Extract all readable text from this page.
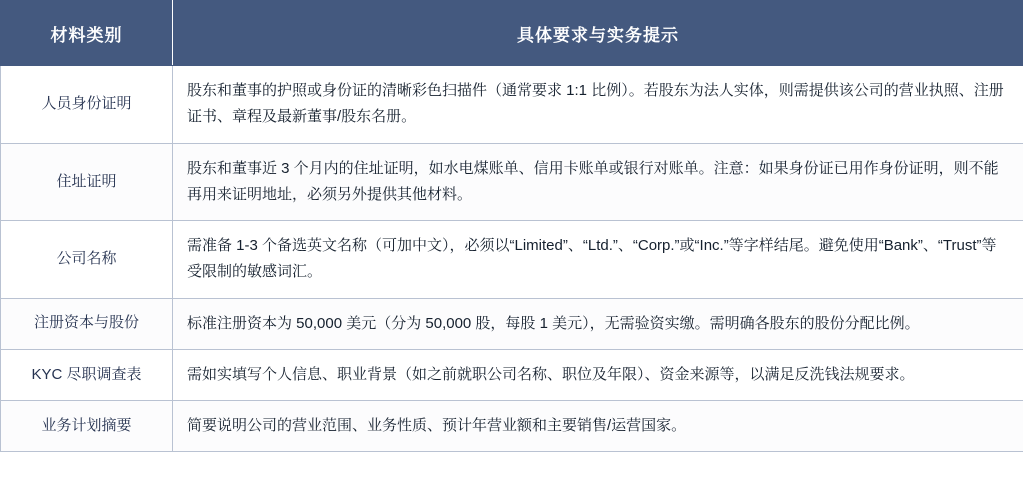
材料类别	具体要求与实务提示
人员身份证明	股东和董事的护照或身份证的清晰彩色扫描件（通常要求 1:1 比例）。若股东为法人实体，则需提供该公司的营业执照、注册证书、章程及最新董事/股东名册。
住址证明	股东和董事近 3 个月内的住址证明，如水电煤账单、信用卡账单或银行对账单。注意：如果身份证已用作身份证明，则不能再用来证明地址，必须另外提供其他材料。
公司名称	需准备 1-3 个备选英文名称（可加中文），必须以“Limited”、“Ltd.”、“Corp.”或“Inc.”等字样结尾。避免使用“Bank”、“Trust”等受限制的敏感词汇。
注册资本与股份	标准注册资本为 50,000 美元（分为 50,000 股，每股 1 美元），无需验资实缴。需明确各股东的股份分配比例。
KYC 尽职调查表	需如实填写个人信息、职业背景（如之前就职公司名称、职位及年限）、资金来源等，以满足反洗钱法规要求。
业务计划摘要	简要说明公司的营业范围、业务性质、预计年营业额和主要销售/运营国家。
